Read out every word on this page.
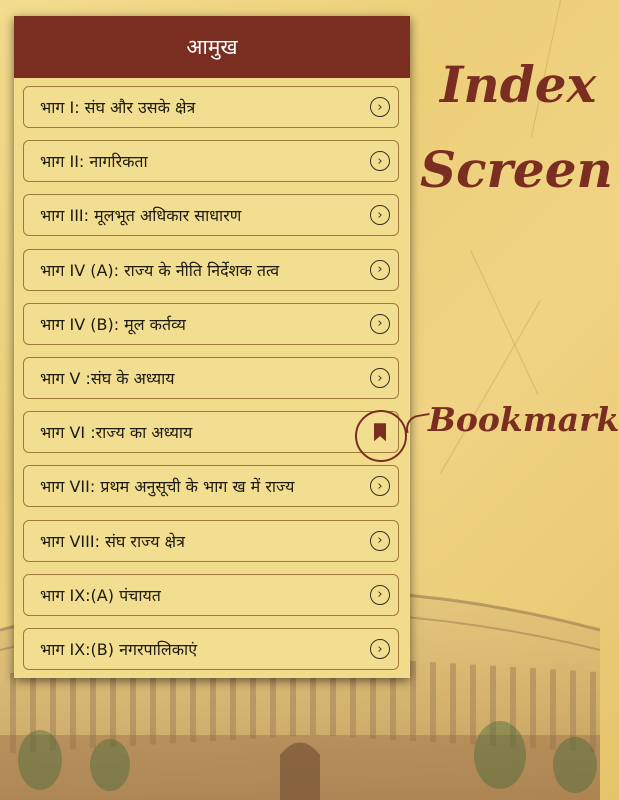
Index
Screen
Bookmark
आमुख
भाग I: संघ और उसके क्षेत्र	›
भाग II: नागरिकता	›
भाग III: मूलभूत अधिकार साधारण	›
भाग IV (A): राज्य के नीति निर्देशक तत्व	›
भाग IV (B): मूल कर्तव्य	›
भाग V :संघ के अध्याय	›
भाग VI :राज्य का अध्याय
भाग VII: प्रथम अनुसूची के भाग ख में राज्य	›
भाग VIII: संघ राज्य क्षेत्र	›
भाग IX:(A) पंचायत	›
भाग IX:(B) नगरपालिकाएं	›
